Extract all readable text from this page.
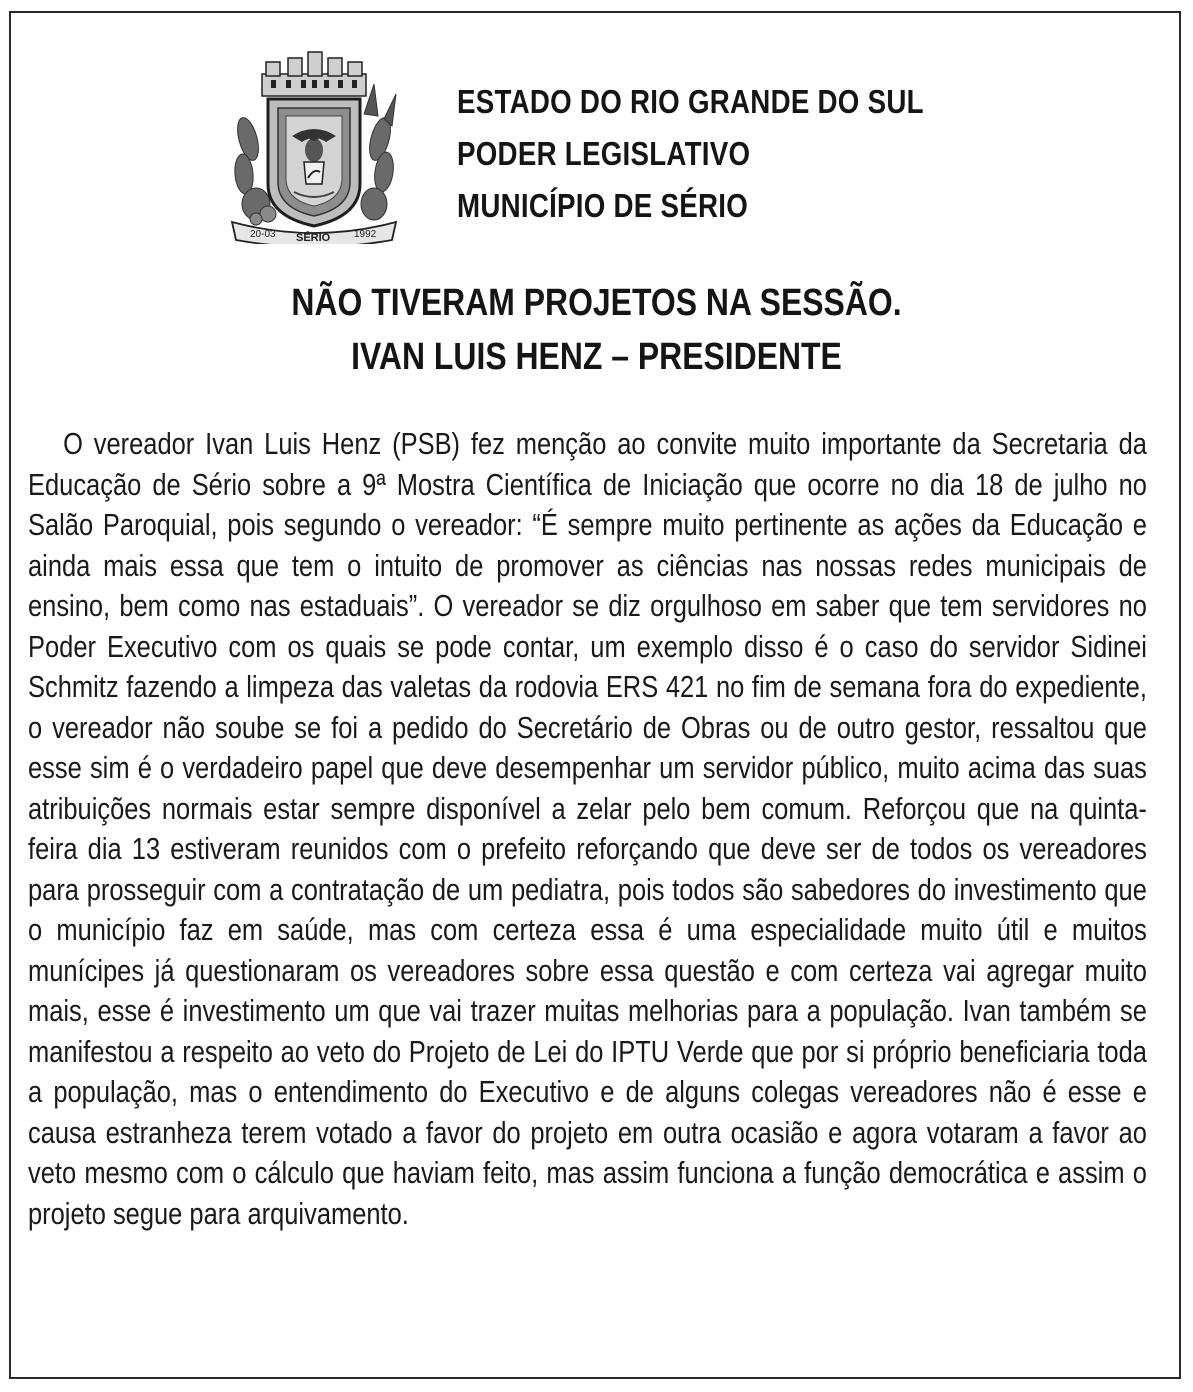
20-03 SÉRIO 1992
ESTADO DO RIO GRANDE DO SUL
PODER LEGISLATIVO
MUNICÍPIO DE SÉRIO
NÃO TIVERAM PROJETOS NA SESSÃO.
IVAN LUIS HENZ – PRESIDENTE
O vereador Ivan Luis Henz (PSB) fez menção ao convite muito importante da Secretaria da Educação de Sério sobre a 9ª Mostra Científica de Iniciação que ocorre no dia 18 de julho no Salão Paroquial, pois segundo o vereador: “É sempre muito pertinente as ações da Educação e ainda mais essa que tem o intuito de promover as ciências nas nossas redes municipais de ensino, bem como nas estaduais”. O vereador se diz orgulhoso em saber que tem servidores no Poder Executivo com os quais se pode contar, um exemplo disso é o caso do servidor Sidinei Schmitz fazendo a limpeza das valetas da rodovia ERS 421 no fim de semana fora do expediente, o vereador não soube se foi a pedido do Secretário de Obras ou de outro gestor, ressaltou que esse sim é o verdadeiro papel que deve desempenhar um servidor público, muito acima das suas atribuições normais estar sempre disponível a zelar pelo bem comum. Reforçou que na quinta-feira dia 13 estiveram reunidos com o prefeito reforçando que deve ser de todos os vereadores para prosseguir com a contratação de um pediatra, pois todos são sabedores do investimento que o município faz em saúde, mas com certeza essa é uma especialidade muito útil e muitos munícipes já questionaram os vereadores sobre essa questão e com certeza vai agregar muito mais, esse é investimento um que vai trazer muitas melhorias para a população. Ivan também se manifestou a respeito ao veto do Projeto de Lei do IPTU Verde que por si próprio beneficiaria toda a população, mas o entendimento do Executivo e de alguns colegas vereadores não é esse e causa estranheza terem votado a favor do projeto em outra ocasião e agora votaram a favor ao veto mesmo com o cálculo que haviam feito, mas assim funciona a função democrática e assim o projeto segue para arquivamento.
